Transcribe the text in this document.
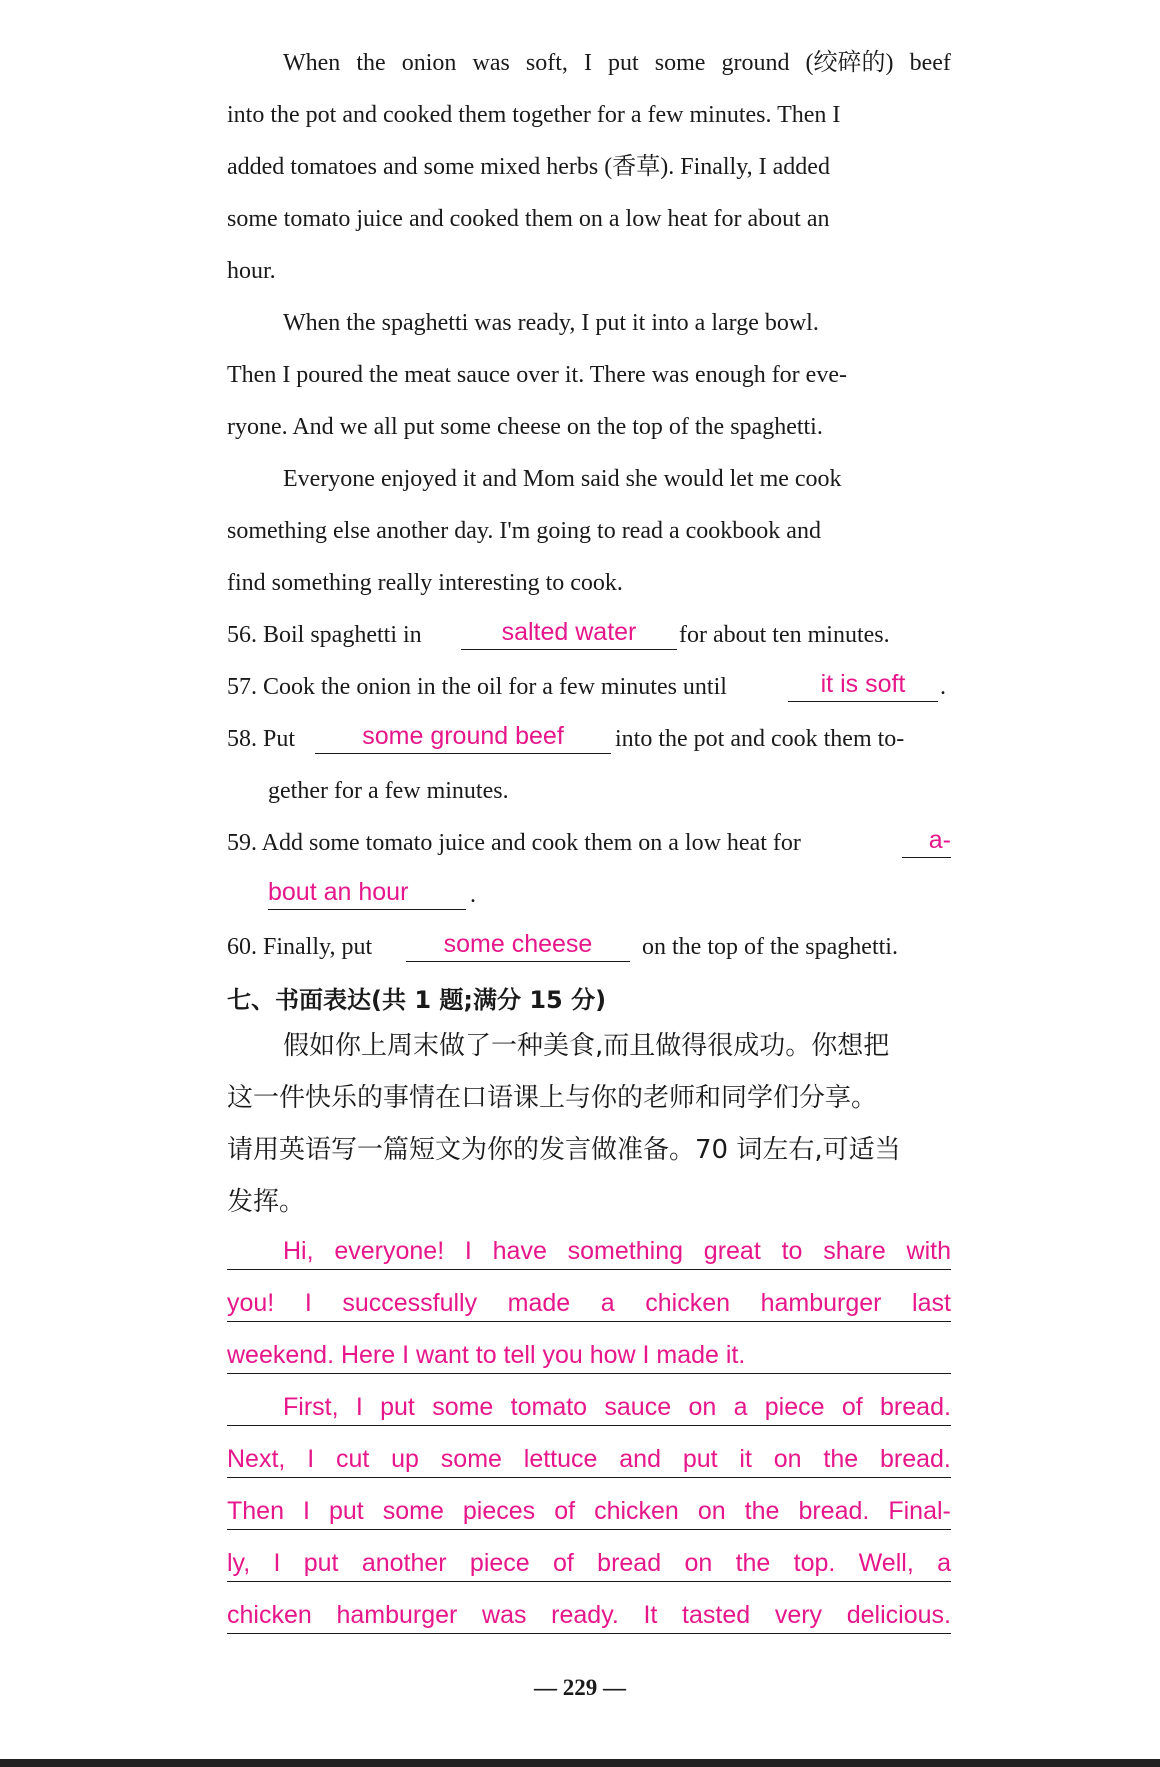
When the onion was soft, I put some ground (绞碎的) beef
into the pot and cooked them together for a few minutes. Then I
added tomatoes and some mixed herbs (香草). Finally, I added
some tomato juice and cooked them on a low heat for about an
hour.
When the spaghetti was ready, I put it into a large bowl.
Then I poured the meat sauce over it. There was enough for eve-
ryone. And we all put some cheese on the top of the spaghetti.
Everyone enjoyed it and Mom said she would let me cook
something else another day. I'm going to read a cookbook and
find something really interesting to cook.
56. Boil spaghetti in	salted water	for about ten minutes.
57. Cook the onion in the oil for a few minutes until	it is soft	.
58. Put	some ground beef	into the pot and cook them to-
gether for a few minutes.
59. Add some tomato juice and cook them on a low heat for	a-
bout an hour	.
60. Finally, put	some cheese	on the top of the spaghetti.
七、书面表达(共 1 题;满分 15 分)
假如你上周末做了一种美食,而且做得很成功。你想把
这一件快乐的事情在口语课上与你的老师和同学们分享。
请用英语写一篇短文为你的发言做准备。70 词左右,可适当
发挥。
Hi, everyone! I have something great to share with
you! I successfully made a chicken hamburger last
weekend. Here I want to tell you how I made it.
First, I put some tomato sauce on a piece of bread.
Next, I cut up some lettuce and put it on the bread.
Then I put some pieces of chicken on the bread. Final-
ly, I put another piece of bread on the top. Well, a
chicken hamburger was ready. It tasted very delicious.
— 229 —
